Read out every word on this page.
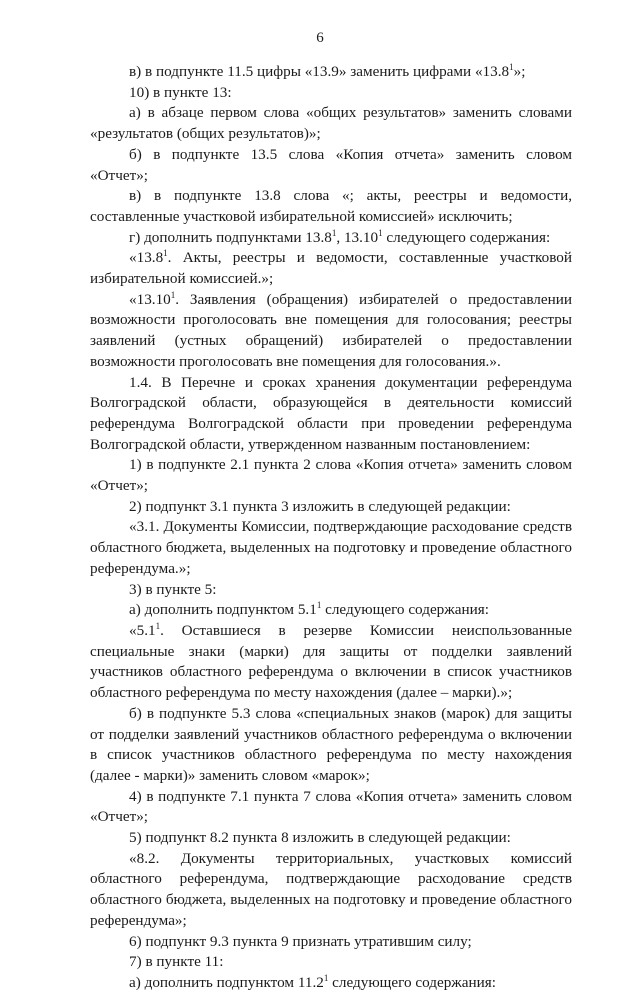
6

в) в подпункте 11.5 цифры «13.9» заменить цифрами «13.8$^1$»;

10) в пункте 13:

а) в абзаце первом слова «общих результатов» заменить словами «результатов (общих результатов)»;

б) в подпункте 13.5 слова «Копия отчета» заменить словом «Отчет»;

в) в подпункте 13.8 слова «; акты, реестры и ведомости, составленные участковой избирательной комиссией» исключить;

г) дополнить подпунктами 13.8$^1$, 13.10$^1$ следующего содержания:

«13.8$^1$. Акты, реестры и ведомости, составленные участковой избирательной комиссией.»;

«13.10$^1$. Заявления (обращения) избирателей о предоставлении возможности проголосовать вне помещения для голосования; реестры заявлений (устных обращений) избирателей о предоставлении возможности проголосовать вне помещения для голосования.».

1.4. В Перечне и сроках хранения документации референдума Волгоградской области, образующейся в деятельности комиссий референдума Волгоградской области при проведении референдума Волгоградской области, утвержденном названным постановлением:

1) в подпункте 2.1 пункта 2 слова «Копия отчета» заменить словом «Отчет»;

2) подпункт 3.1 пункта 3 изложить в следующей редакции:

«3.1. Документы Комиссии, подтверждающие расходование средств областного бюджета, выделенных на подготовку и проведение областного референдума.»;

3) в пункте 5:

а) дополнить подпунктом $5.1^1$ следующего содержания:

«$5.1^1$. Оставшиеся в резерве Комиссии неиспользованные специальные знаки (марки) для защиты от подделки заявлений участников областного референдума о включении в список участников областного референдума по месту нахождения (далее – марки).»;

б) в подпункте 5.3 слова «специальных знаков (марок) для защиты от подделки заявлений участников областного референдума о включении в список участников областного референдума по месту нахождения (далее - марки)» заменить словом «марок»;

4) в подпункте 7.1 пункта 7 слова «Копия отчета» заменить словом «Отчет»;

5) подпункт 8.2 пункта 8 изложить в следующей редакции:

«8.2. Документы территориальных, участковых комиссий областного референдума, подтверждающие расходование средств областного бюджета, выделенных на подготовку и проведение областного референдума»;

6) подпункт 9.3 пункта 9 признать утратившим силу;

7) в пункте 11:

а) дополнить подпунктом 11.2$^1$ следующего содержания:
